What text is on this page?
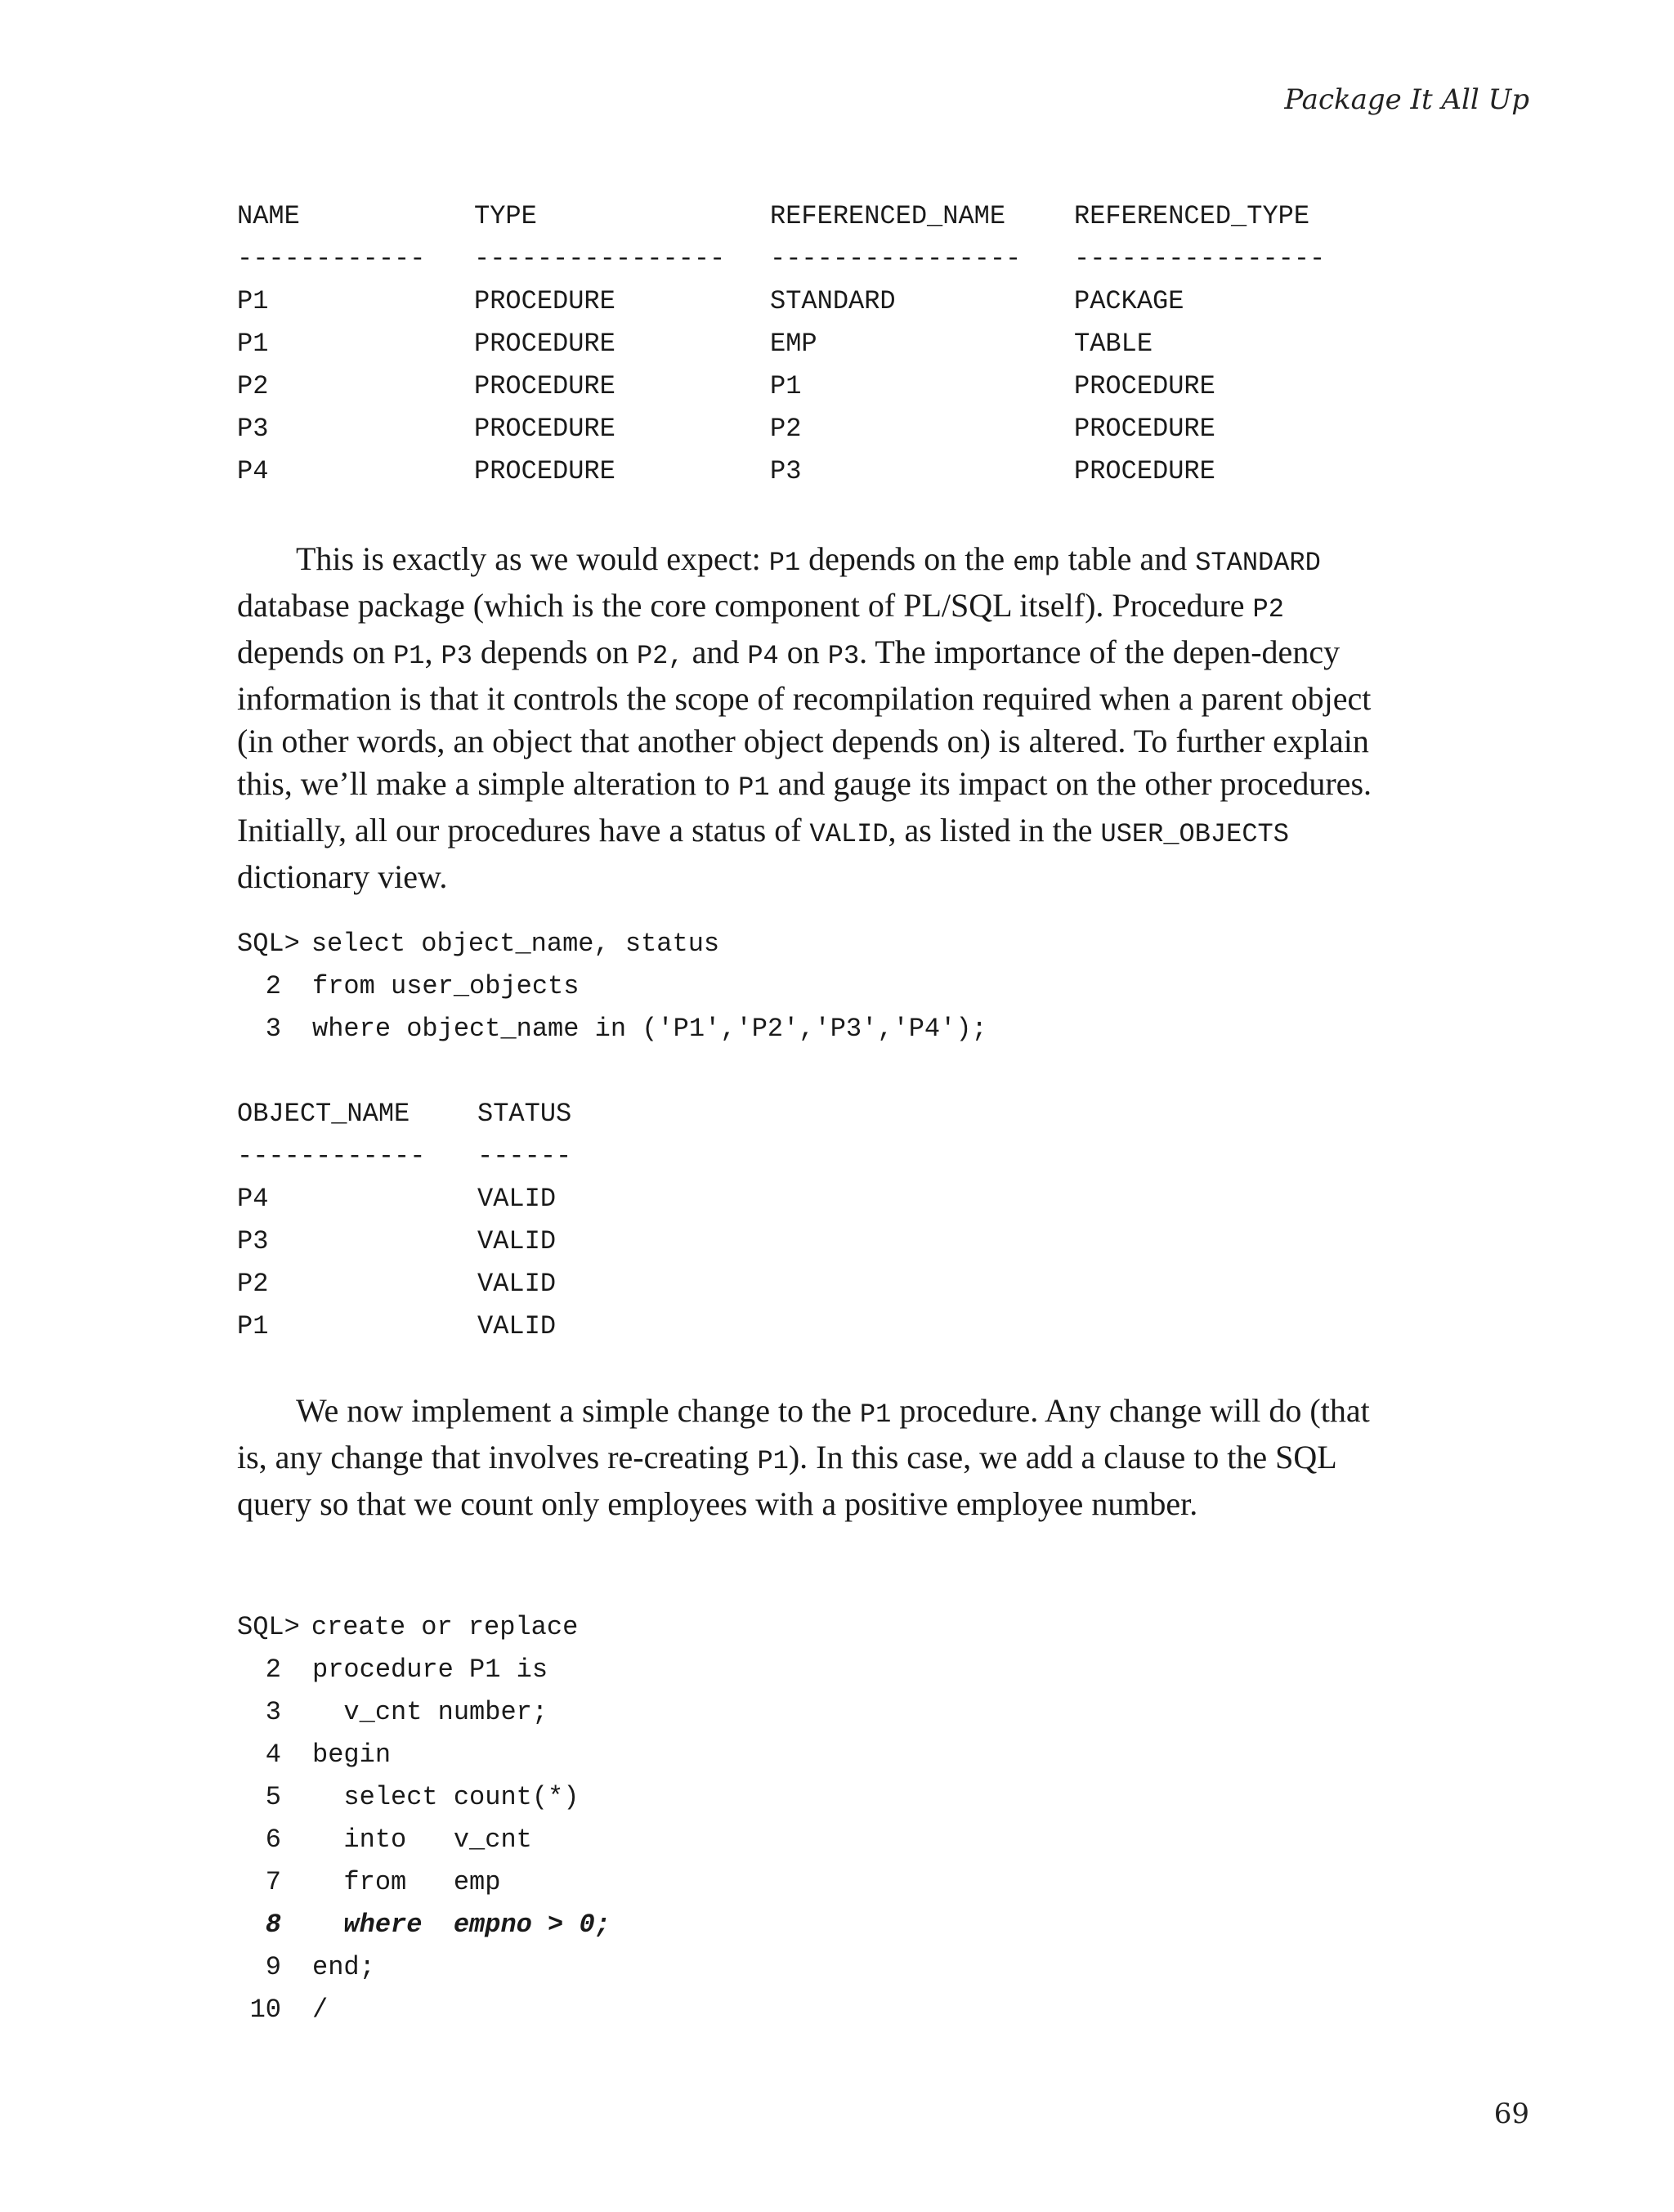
Package It All Up
NAME	TYPE	REFERENCED_NAME	REFERENCED_TYPE
------------	----------------	----------------	----------------
P1	PROCEDURE	STANDARD	PACKAGE
P1	PROCEDURE	EMP	TABLE
P2	PROCEDURE	P1	PROCEDURE
P3	PROCEDURE	P2	PROCEDURE
P4	PROCEDURE	P3	PROCEDURE
This is exactly as we would expect: P1 depends on the emp table and STANDARD database package (which is the core component of PL/SQL itself). Procedure P2 depends on P1, P3 depends on P2, and P4 on P3. The importance of the depen-dency information is that it controls the scope of recompilation required when a parent object (in other words, an object that another object depends on) is altered. To further explain this, we’ll make a simple alteration to P1 and gauge its impact on the other procedures. Initially, all our procedures have a status of VALID, as listed in the USER_OBJECTS dictionary view.
SQL> select object_name, status
2	from user_objects
3	where object_name in ('P1','P2','P3','P4');
OBJECT_NAME	STATUS
------------	------
P4	VALID
P3	VALID
P2	VALID
P1	VALID
We now implement a simple change to the P1 procedure. Any change will do (that is, any change that involves re-creating P1). In this case, we add a clause to the SQL query so that we count only employees with a positive employee number.
SQL> create or replace
2	procedure P1 is
3	v_cnt number;
4	begin
5	select count(*)
6	into   v_cnt
7	from   emp
8	where  empno > 0;
9	end;
10	/
69
